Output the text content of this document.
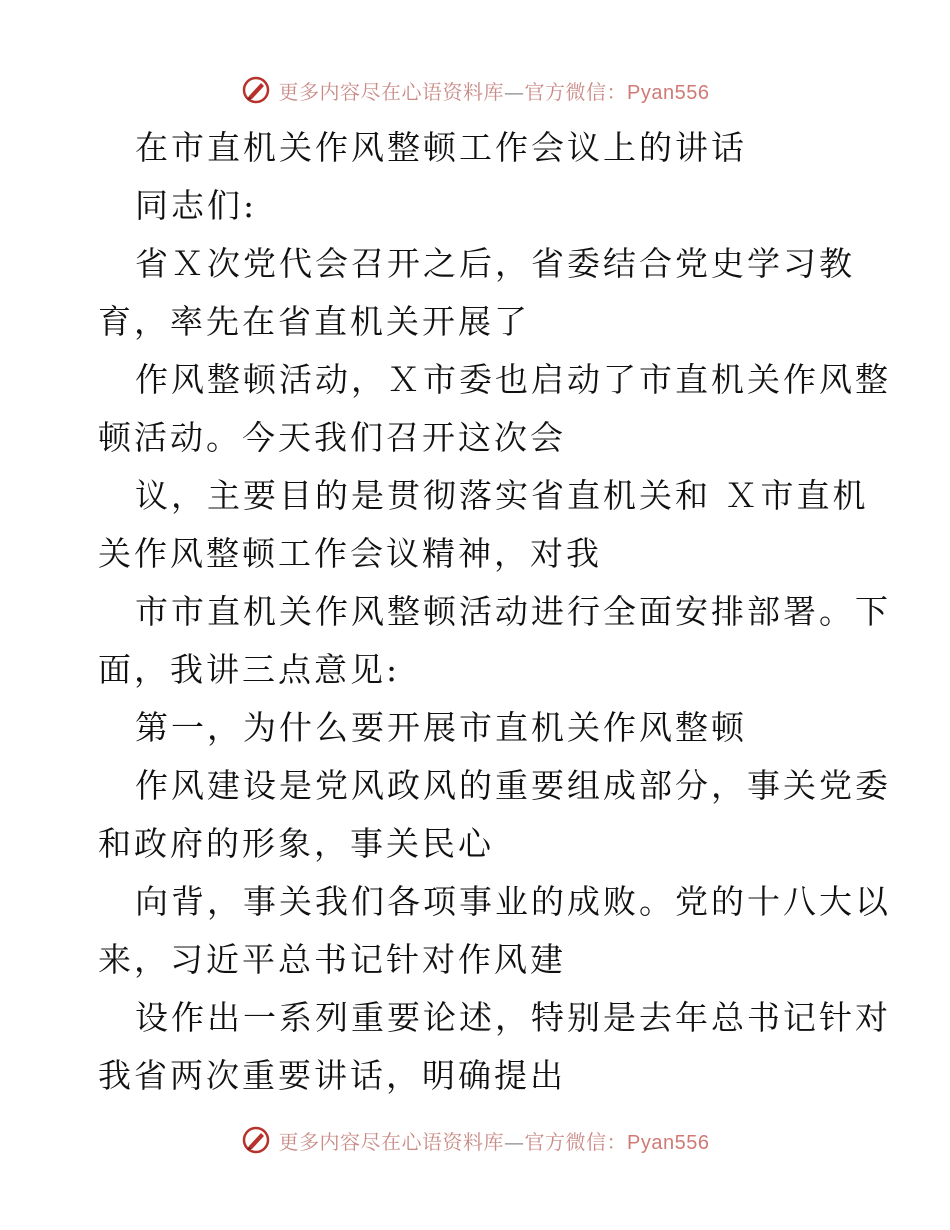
更多内容尽在心语资料库—官方微信：Pyan556
在市直机关作风整顿工作会议上的讲话
同志们:
省Ｘ次党代会召开之后，省委结合党史学习教
育，率先在省直机关开展了
作风整顿活动，Ｘ市委也启动了市直机关作风整
顿活动。今天我们召开这次会
议，主要目的是贯彻落实省直机关和 Ｘ市直机
关作风整顿工作会议精神，对我
市市直机关作风整顿活动进行全面安排部署。下
面，我讲三点意见:
第一，为什么要开展市直机关作风整顿
作风建设是党风政风的重要组成部分，事关党委
和政府的形象，事关民心
向背，事关我们各项事业的成败。党的十八大以
来，习近平总书记针对作风建
设作出一系列重要论述，特别是去年总书记针对
我省两次重要讲话，明确提出
更多内容尽在心语资料库—官方微信：Pyan556
